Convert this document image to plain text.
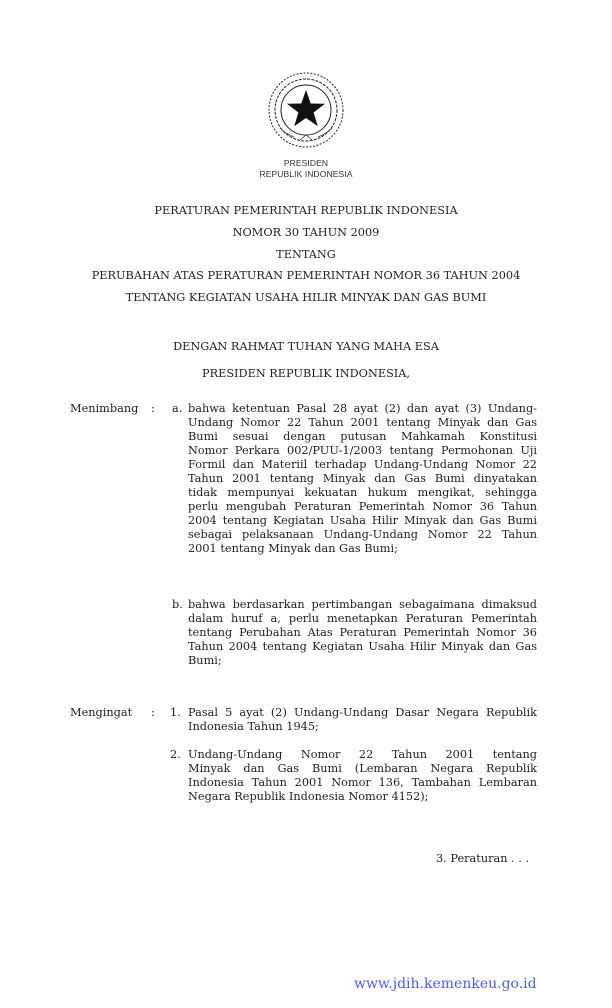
PRESIDEN
REPUBLIK INDONESIA
PERATURAN PEMERINTAH REPUBLIK INDONESIA
NOMOR 30 TAHUN 2009
TENTANG
PERUBAHAN ATAS PERATURAN PEMERINTAH NOMOR 36 TAHUN 2004
TENTANG KEGIATAN USAHA HILIR MINYAK DAN GAS BUMI
DENGAN RAHMAT TUHAN YANG MAHA ESA
PRESIDEN REPUBLIK INDONESIA,
Menimbang : a. bahwa ketentuan Pasal 28 ayat (2) dan ayat (3) Undang-
Undang Nomor 22 Tahun 2001 tentang Minyak dan Gas
Bumi sesuai dengan putusan Mahkamah Konstitusi
Nomor Perkara 002/PUU-1/2003 tentang Permohonan Uji
Formil dan Materiil terhadap Undang-Undang Nomor 22
Tahun 2001 tentang Minyak dan Gas Bumi dinyatakan
tidak mempunyai kekuatan hukum mengikat, sehingga
perlu mengubah Peraturan Pemerintah Nomor 36 Tahun
2004 tentang Kegiatan Usaha Hilir Minyak dan Gas Bumi
sebagai pelaksanaan Undang-Undang Nomor 22 Tahun
2001 tentang Minyak dan Gas Bumi;
b. bahwa berdasarkan pertimbangan sebagaimana dimaksud
dalam huruf a, perlu menetapkan Peraturan Pemerintah
tentang Perubahan Atas Peraturan Pemerintah Nomor 36
Tahun 2004 tentang Kegiatan Usaha Hilir Minyak dan Gas
Bumi;
Mengingat : 1. Pasal 5 ayat (2) Undang-Undang Dasar Negara Republik
Indonesia Tahun 1945;
2. Undang-Undang Nomor 22 Tahun 2001 tentang
Minyak dan Gas Bumi (Lembaran Negara Republik
Indonesia Tahun 2001 Nomor 136, Tambahan Lembaran
Negara Republik Indonesia Nomor 4152);
3. Peraturan . . .
www.jdih.kemenkeu.go.id
